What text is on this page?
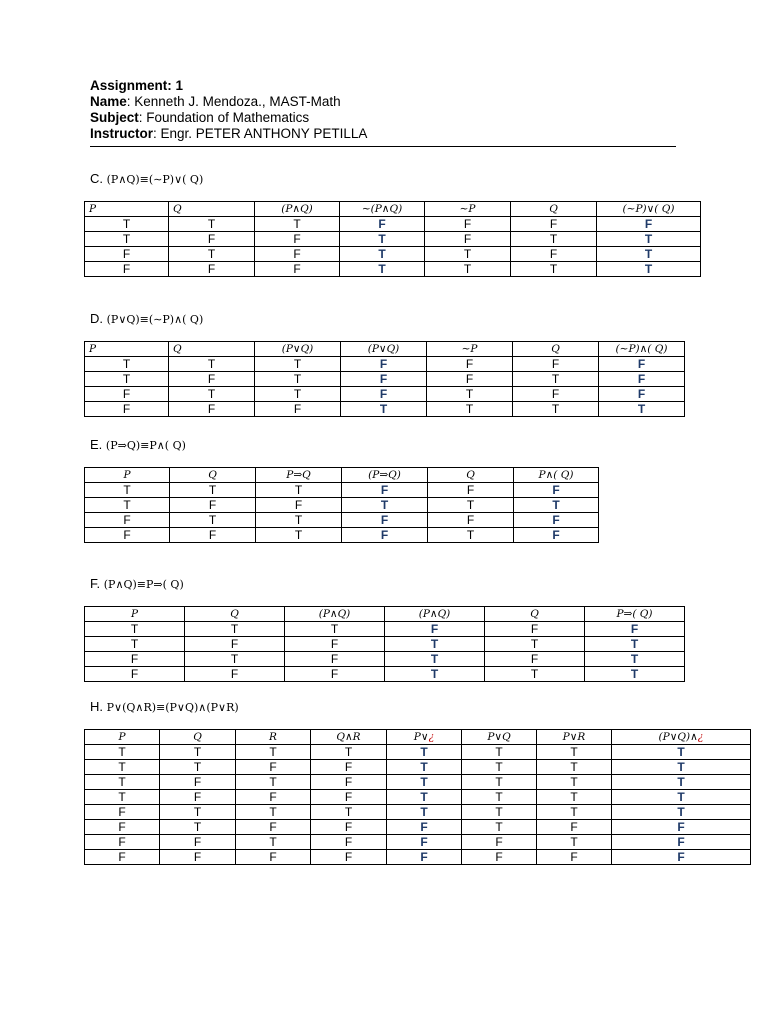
Assignment: 1
Name: Kenneth J. Mendoza., MAST-Math
Subject: Foundation of Mathematics
Instructor: Engr. PETER ANTHONY PETILLA
C. (P∧Q)≡(∼P)∨( Q)
P	Q	(P∧Q)	∼(P∧Q)	∼P	Q	(∼P)∨( Q)
T	T	T	F	F	F	F
T	F	F	T	F	T	T
F	T	F	T	T	F	T
F	F	F	T	T	T	T
D. (P∨Q)≡(∼P)∧( Q)
P	Q	(P∨Q)	(P∨Q)	∼P	Q	(∼P)∧( Q)
T	T	T	F	F	F	F
T	F	T	F	F	T	F
F	T	T	F	T	F	F
F	F	F	T	T	T	T
E. (P⇒Q)≡P∧( Q)
P	Q	P⇒Q	(P⇒Q)	Q	P∧( Q)
T	T	T	F	F	F
T	F	F	T	T	T
F	T	T	F	F	F
F	F	T	F	T	F
F. (P∧Q)≡P⇒( Q)
P	Q	(P∧Q)	(P∧Q)	Q	P⇒( Q)
T	T	T	F	F	F
T	F	F	T	T	T
F	T	F	T	F	T
F	F	F	T	T	T
H. P∨(Q∧R)≡(P∨Q)∧(P∨R)
P	Q	R	Q∧R	P∨¿	P∨Q	P∨R	(P∨Q)∧¿
T	T	T	T	T	T	T	T
T	T	F	F	T	T	T	T
T	F	T	F	T	T	T	T
T	F	F	F	T	T	T	T
F	T	T	T	T	T	T	T
F	T	F	F	F	T	F	F
F	F	T	F	F	F	T	F
F	F	F	F	F	F	F	F
